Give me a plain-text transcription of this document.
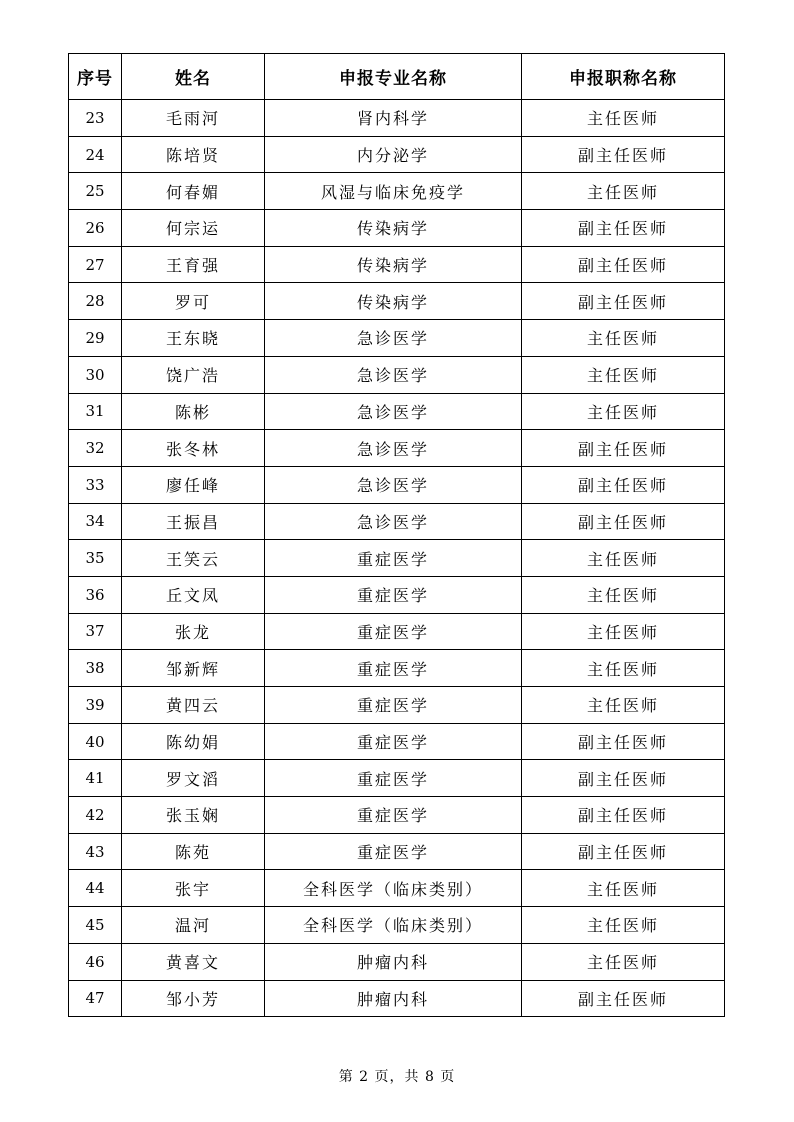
序号	姓名	申报专业名称	申报职称名称
23	毛雨河	肾内科学	主任医师
24	陈培贤	内分泌学	副主任医师
25	何春媚	风湿与临床免疫学	主任医师
26	何宗运	传染病学	副主任医师
27	王育强	传染病学	副主任医师
28	罗可	传染病学	副主任医师
29	王东晓	急诊医学	主任医师
30	饶广浩	急诊医学	主任医师
31	陈彬	急诊医学	主任医师
32	张冬林	急诊医学	副主任医师
33	廖任峰	急诊医学	副主任医师
34	王振昌	急诊医学	副主任医师
35	王笑云	重症医学	主任医师
36	丘文凤	重症医学	主任医师
37	张龙	重症医学	主任医师
38	邹新辉	重症医学	主任医师
39	黄四云	重症医学	主任医师
40	陈幼娟	重症医学	副主任医师
41	罗文滔	重症医学	副主任医师
42	张玉娴	重症医学	副主任医师
43	陈苑	重症医学	副主任医师
44	张宇	全科医学（临床类别）	主任医师
45	温河	全科医学（临床类别）	主任医师
46	黄喜文	肿瘤内科	主任医师
47	邹小芳	肿瘤内科	副主任医师
第 2 页，共 8 页
